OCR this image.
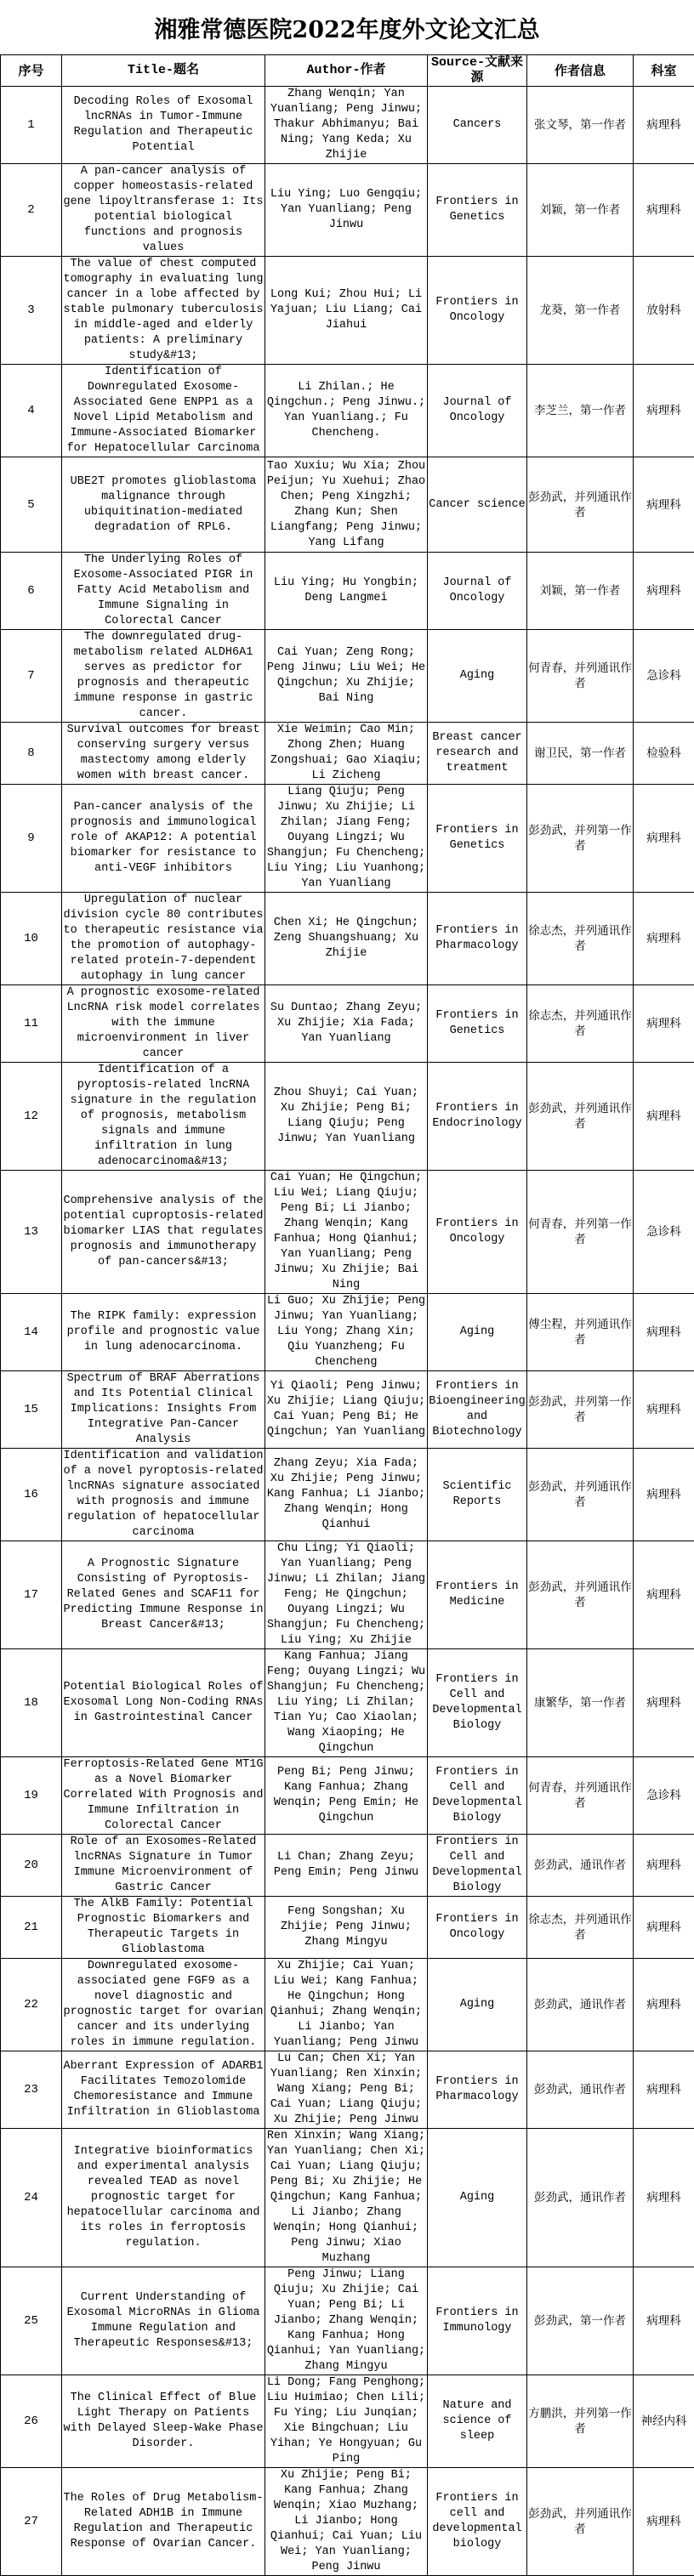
湘雅常德医院2022年度外文论文汇总
序号	Title-题名	Author-作者	Source-文献来源	作者信息	科室
1	Decoding Roles of Exosomal lncRNAs in Tumor-Immune Regulation and Therapeutic Potential	Zhang Wenqin; Yan Yuanliang; Peng Jinwu; Thakur Abhimanyu; Bai Ning; Yang Keda; Xu Zhijie	Cancers	张文琴，第一作者	病理科
2	A pan-cancer analysis of copper homeostasis-related gene lipoyltransferase 1: Its potential biological functions and prognosis values	Liu Ying; Luo Gengqiu; Yan Yuanliang; Peng Jinwu	Frontiers in Genetics	刘颖，第一作者	病理科
3	The value of chest computed tomography in evaluating lung cancer in a lobe affected by stable pulmonary tuberculosis in middle-aged and elderly patients: A preliminary study&#13;	Long Kui; Zhou Hui; Li Yajuan; Liu Liang; Cai Jiahui	Frontiers in Oncology	龙葵，第一作者	放射科
4	Identification of Downregulated Exosome-Associated Gene ENPP1 as a Novel Lipid Metabolism and Immune-Associated Biomarker for Hepatocellular Carcinoma	Li Zhilan.; He Qingchun.; Peng Jinwu.; Yan Yuanliang.; Fu Chencheng.	Journal of Oncology	李芝兰，第一作者	病理科
5	UBE2T promotes glioblastoma malignance through ubiquitination-mediated degradation of RPL6.	Tao Xuxiu; Wu Xia; Zhou Peijun; Yu Xuehui; Zhao Chen; Peng Xingzhi; Zhang Kun; Shen Liangfang; Peng Jinwu; Yang Lifang	Cancer science	彭劲武，并列通讯作者	病理科
6	The Underlying Roles of Exosome-Associated PIGR in Fatty Acid Metabolism and Immune Signaling in Colorectal Cancer	Liu Ying; Hu Yongbin; Deng Langmei	Journal of Oncology	刘颖，第一作者	病理科
7	The downregulated drug-metabolism related ALDH6A1 serves as predictor for prognosis and therapeutic immune response in gastric cancer.	Cai Yuan; Zeng Rong; Peng Jinwu; Liu Wei; He Qingchun; Xu Zhijie; Bai Ning	Aging	何青春，并列通讯作者	急诊科
8	Survival outcomes for breast conserving surgery versus mastectomy among elderly women with breast cancer.	Xie Weimin; Cao Min; Zhong Zhen; Huang Zongshuai; Gao Xiaqiu; Li Zicheng	Breast cancer research and treatment	谢卫民，第一作者	检验科
9	Pan-cancer analysis of the prognosis and immunological role of AKAP12: A potential biomarker for resistance to anti-VEGF inhibitors	Liang Qiuju; Peng Jinwu; Xu Zhijie; Li Zhilan; Jiang Feng; Ouyang Lingzi; Wu Shangjun; Fu Chencheng; Liu Ying; Liu Yuanhong; Yan Yuanliang	Frontiers in Genetics	彭劲武，并列第一作者	病理科
10	Upregulation of nuclear division cycle 80 contributes to therapeutic resistance via the promotion of autophagy-related protein-7-dependent autophagy in lung cancer	Chen Xi; He Qingchun; Zeng Shuangshuang; Xu Zhijie	Frontiers in Pharmacology	徐志杰，并列通讯作者	病理科
11	A prognostic exosome-related LncRNA risk model correlates with the immune microenvironment in liver cancer	Su Duntao; Zhang Zeyu; Xu Zhijie; Xia Fada; Yan Yuanliang	Frontiers in Genetics	徐志杰，并列通讯作者	病理科
12	Identification of a pyroptosis-related lncRNA signature in the regulation of prognosis, metabolism signals and immune infiltration in lung adenocarcinoma&#13;	Zhou Shuyi; Cai Yuan; Xu Zhijie; Peng Bi; Liang Qiuju; Peng Jinwu; Yan Yuanliang	Frontiers in Endocrinology	彭劲武，并列通讯作者	病理科
13	Comprehensive analysis of the potential cuproptosis-related biomarker LIAS that regulates prognosis and immunotherapy of pan-cancers&#13;	Cai Yuan; He Qingchun; Liu Wei; Liang Qiuju; Peng Bi; Li Jianbo; Zhang Wenqin; Kang Fanhua; Hong Qianhui; Yan Yuanliang; Peng Jinwu; Xu Zhijie; Bai Ning	Frontiers in Oncology	何青春，并列第一作者	急诊科
14	The RIPK family: expression profile and prognostic value in lung adenocarcinoma.	Li Guo; Xu Zhijie; Peng Jinwu; Yan Yuanliang; Liu Yong; Zhang Xin; Qiu Yuanzheng; Fu Chencheng	Aging	傅尘程，并列通讯作者	病理科
15	Spectrum of BRAF Aberrations and Its Potential Clinical Implications: Insights From Integrative Pan-Cancer Analysis	Yi Qiaoli; Peng Jinwu; Xu Zhijie; Liang Qiuju; Cai Yuan; Peng Bi; He Qingchun; Yan Yuanliang	Frontiers in Bioengineering and Biotechnology	彭劲武，并列第一作者	病理科
16	Identification and validation of a novel pyroptosis-related lncRNAs signature associated with prognosis and immune regulation of hepatocellular carcinoma	Zhang Zeyu; Xia Fada; Xu Zhijie; Peng Jinwu; Kang Fanhua; Li Jianbo; Zhang Wenqin; Hong Qianhui	Scientific Reports	彭劲武，并列通讯作者	病理科
17	A Prognostic Signature Consisting of Pyroptosis-Related Genes and SCAF11 for Predicting Immune Response in Breast Cancer&#13;	Chu Ling; Yi Qiaoli; Yan Yuanliang; Peng Jinwu; Li Zhilan; Jiang Feng; He Qingchun; Ouyang Lingzi; Wu Shangjun; Fu Chencheng; Liu Ying; Xu Zhijie	Frontiers in Medicine	彭劲武，并列通讯作者	病理科
18	Potential Biological Roles of Exosomal Long Non-Coding RNAs in Gastrointestinal Cancer	Kang Fanhua; Jiang Feng; Ouyang Lingzi; Wu Shangjun; Fu Chencheng; Liu Ying; Li Zhilan; Tian Yu; Cao Xiaolan; Wang Xiaoping; He Qingchun	Frontiers in Cell and Developmental Biology	康繁华，第一作者	病理科
19	Ferroptosis-Related Gene MT1G as a Novel Biomarker Correlated With Prognosis and Immune Infiltration in Colorectal Cancer	Peng Bi; Peng Jinwu; Kang Fanhua; Zhang Wenqin; Peng Emin; He Qingchun	Frontiers in Cell and Developmental Biology	何青春，并列通讯作者	急诊科
20	Role of an Exosomes-Related lncRNAs Signature in Tumor Immune Microenvironment of Gastric Cancer	Li Chan; Zhang Zeyu; Peng Emin; Peng Jinwu	Frontiers in Cell and Developmental Biology	彭劲武，通讯作者	病理科
21	The AlkB Family: Potential Prognostic Biomarkers and Therapeutic Targets in Glioblastoma	Feng Songshan; Xu Zhijie; Peng Jinwu; Zhang Mingyu	Frontiers in Oncology	徐志杰，并列通讯作者	病理科
22	Downregulated exosome-associated gene FGF9 as a novel diagnostic and prognostic target for ovarian cancer and its underlying roles in immune regulation.	Xu Zhijie; Cai Yuan; Liu Wei; Kang Fanhua; He Qingchun; Hong Qianhui; Zhang Wenqin; Li Jianbo; Yan Yuanliang; Peng Jinwu	Aging	彭劲武，通讯作者	病理科
23	Aberrant Expression of ADARB1 Facilitates Temozolomide Chemoresistance and Immune Infiltration in Glioblastoma	Lu Can; Chen Xi; Yan Yuanliang; Ren Xinxin; Wang Xiang; Peng Bi; Cai Yuan; Liang Qiuju; Xu Zhijie; Peng Jinwu	Frontiers in Pharmacology	彭劲武，通讯作者	病理科
24	Integrative bioinformatics and experimental analysis revealed TEAD as novel prognostic target for hepatocellular carcinoma and its roles in ferroptosis regulation.	Ren Xinxin; Wang Xiang; Yan Yuanliang; Chen Xi; Cai Yuan; Liang Qiuju; Peng Bi; Xu Zhijie; He Qingchun; Kang Fanhua; Li Jianbo; Zhang Wenqin; Hong Qianhui; Peng Jinwu; Xiao Muzhang	Aging	彭劲武，通讯作者	病理科
25	Current Understanding of Exosomal MicroRNAs in Glioma Immune Regulation and Therapeutic Responses&#13;	Peng Jinwu; Liang Qiuju; Xu Zhijie; Cai Yuan; Peng Bi; Li Jianbo; Zhang Wenqin; Kang Fanhua; Hong Qianhui; Yan Yuanliang; Zhang Mingyu	Frontiers in Immunology	彭劲武，第一作者	病理科
26	The Clinical Effect of Blue Light Therapy on Patients with Delayed Sleep-Wake Phase Disorder.	Li Dong; Fang Penghong; Liu Huimiao; Chen Lili; Fu Ying; Liu Junqian; Xie Bingchuan; Liu Yihan; Ye Hongyuan; Gu Ping	Nature and science of sleep	方鹏洪，并列第一作者	神经内科
27	The Roles of Drug Metabolism-Related ADH1B in Immune Regulation and Therapeutic Response of Ovarian Cancer.	Xu Zhijie; Peng Bi; Kang Fanhua; Zhang Wenqin; Xiao Muzhang; Li Jianbo; Hong Qianhui; Cai Yuan; Liu Wei; Yan Yuanliang; Peng Jinwu	Frontiers in cell and developmental biology	彭劲武，并列通讯作者	病理科
